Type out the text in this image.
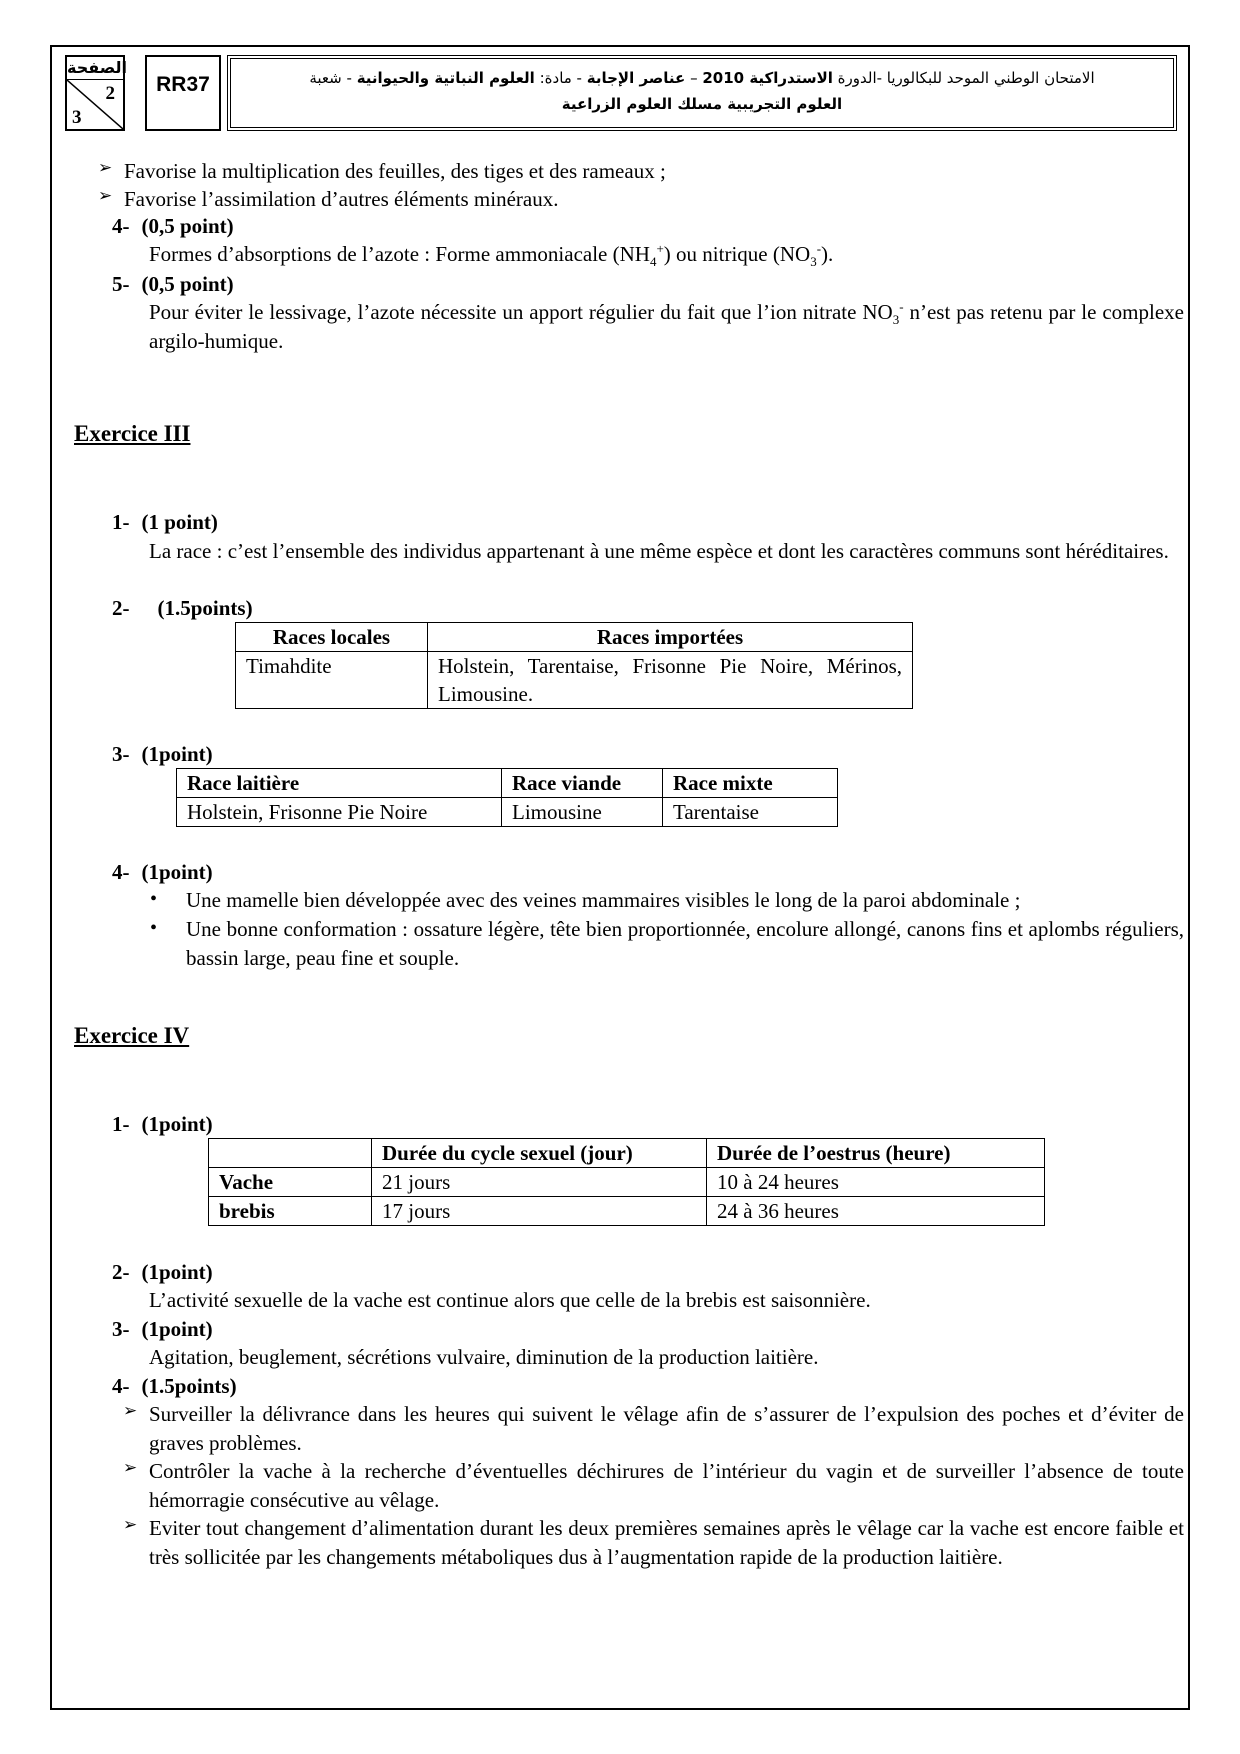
الصفحة
2
3
RR37	الامتحان الوطني الموحد للبكالوريا -الدورة الاستدراكية 2010 – عناصر الإجابة - مادة: العلوم النباتية والحيوانية - شعبة
العلوم التجريبية مسلك العلوم الزراعية
➢ Favorise la multiplication des feuilles, des tiges et des rameaux ;
➢ Favorise l’assimilation d’autres éléments minéraux.
4- (0,5 point)
Formes d’absorptions de l’azote : Forme ammoniacale $(NH_4^+)$ ou nitrique $(NO_3^-)$.
5- (0,5 point)
Pour éviter le lessivage, l’azote nécessite un apport régulier du fait que l’ion nitrate $NO_3^-$ n’est pas retenu par le complexe argilo-humique.
Exercice III
1- (1 point)
La race : c’est l’ensemble des individus appartenant à une même espèce et dont les caractères communs sont héréditaires.
2- (1.5points)
Races locales	Races importées
Timahdite	Holstein, Tarentaise, Frisonne Pie Noire, Mérinos, Limousine.
3- (1point)
Race laitière	Race viande	Race mixte
Holstein, Frisonne Pie Noire	Limousine	Tarentaise
4- (1point)
• Une mamelle bien développée avec des veines mammaires visibles le long de la paroi abdominale ;
• Une bonne conformation : ossature légère, tête bien proportionnée, encolure allongé, canons fins et aplombs réguliers, bassin large, peau fine et souple.
Exercice IV
1- (1point)
	Durée du cycle sexuel (jour)	Durée de l’oestrus (heure)
Vache	21 jours	10 à 24 heures
brebis	17 jours	24 à 36 heures
2- (1point)
L’activité sexuelle de la vache est continue alors que celle de la brebis est saisonnière.
3- (1point)
Agitation, beuglement, sécrétions vulvaire, diminution de la production laitière.
4- (1.5points)
➢ Surveiller la délivrance dans les heures qui suivent le vêlage afin de s’assurer de l’expulsion des poches et d’éviter de graves problèmes.
➢ Contrôler la vache à la recherche d’éventuelles déchirures de l’intérieur du vagin et de surveiller l’absence de toute hémorragie consécutive au vêlage.
➢ Eviter tout changement d’alimentation durant les deux premières semaines après le vêlage car la vache est encore faible et très sollicitée par les changements métaboliques dus à l’augmentation rapide de la production laitière.
